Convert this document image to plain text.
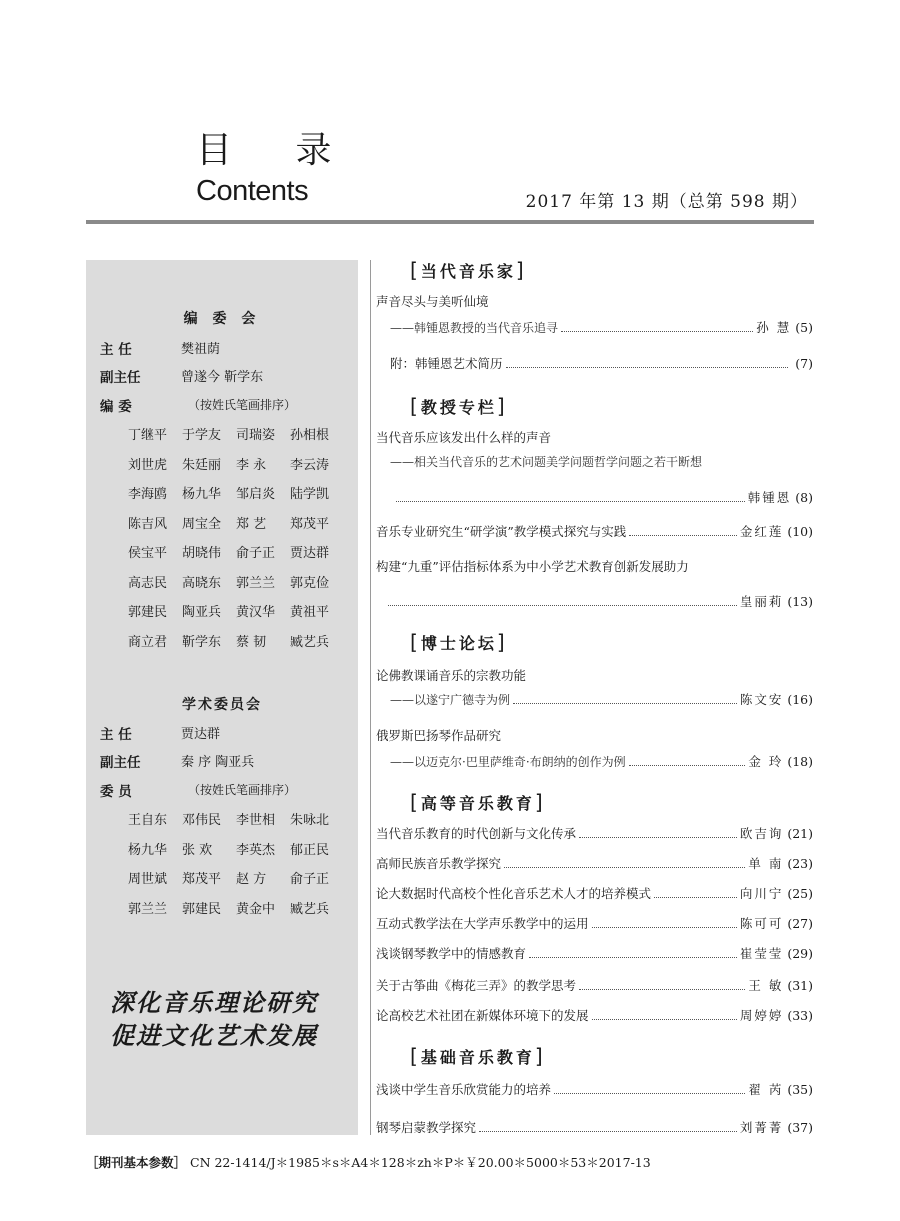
目 录
Contents	2017 年第 13 期（总第 598 期）
编 委 会
主 任	樊祖荫
副主任	曾遂今 靳学东
编 委	（按姓氏笔画排序）
丁继平	于学友	司瑞姿	孙相根
刘世虎	朱廷丽	李 永	李云涛
李海鸥	杨九华	邹启炎	陆学凯
陈吉风	周宝全	郑 艺	郑茂平
侯宝平	胡晓伟	俞子正	贾达群
高志民	高晓东	郭兰兰	郭克俭
郭建民	陶亚兵	黄汉华	黄祖平
商立君	靳学东	蔡 韧	臧艺兵
学术委员会
主 任	贾达群
副主任	秦 序 陶亚兵
委 员	（按姓氏笔画排序）
王自东	邓伟民	李世相	朱咏北
杨九华	张 欢	李英杰	郁正民
周世斌	郑茂平	赵 方	俞子正
郭兰兰	郭建民	黄金中	臧艺兵
深化音乐理论研究
促进文化艺术发展
[当代音乐家]
声音尽头与美听仙境
——韩锺恩教授的当代音乐追寻	孙 慧 (5)
附：韩锺恩艺术简历	(7)
[教授专栏]
当代音乐应该发出什么样的声音
——相关当代音乐的艺术问题美学问题哲学问题之若干断想
韩锺恩 (8)
音乐专业研究生“研学演”教学模式探究与实践	金红莲 (10)
构建“九重”评估指标体系为中小学艺术教育创新发展助力
皇丽莉 (13)
[博士论坛]
论佛教课诵音乐的宗教功能
——以遂宁广德寺为例	陈文安 (16)
俄罗斯巴扬琴作品研究
——以迈克尔·巴里萨维奇·布朗纳的创作为例	金 玲 (18)
[高等音乐教育]
当代音乐教育的时代创新与文化传承	欧吉询 (21)
高师民族音乐教学探究	单 南 (23)
论大数据时代高校个性化音乐艺术人才的培养模式	向川宁 (25)
互动式教学法在大学声乐教学中的运用	陈可可 (27)
浅谈钢琴教学中的情感教育	崔莹莹 (29)
关于古筝曲《梅花三弄》的教学思考	王 敏 (31)
论高校艺术社团在新媒体环境下的发展	周婷婷 (33)
[基础音乐教育]
浅谈中学生音乐欣赏能力的培养	翟 芮 (35)
钢琴启蒙教学探究	刘菁菁 (37)
［期刊基本参数］ CN 22-1414/J＊1985＊s＊A4＊128＊zh＊P＊￥20.00＊5000＊53＊2017-13
